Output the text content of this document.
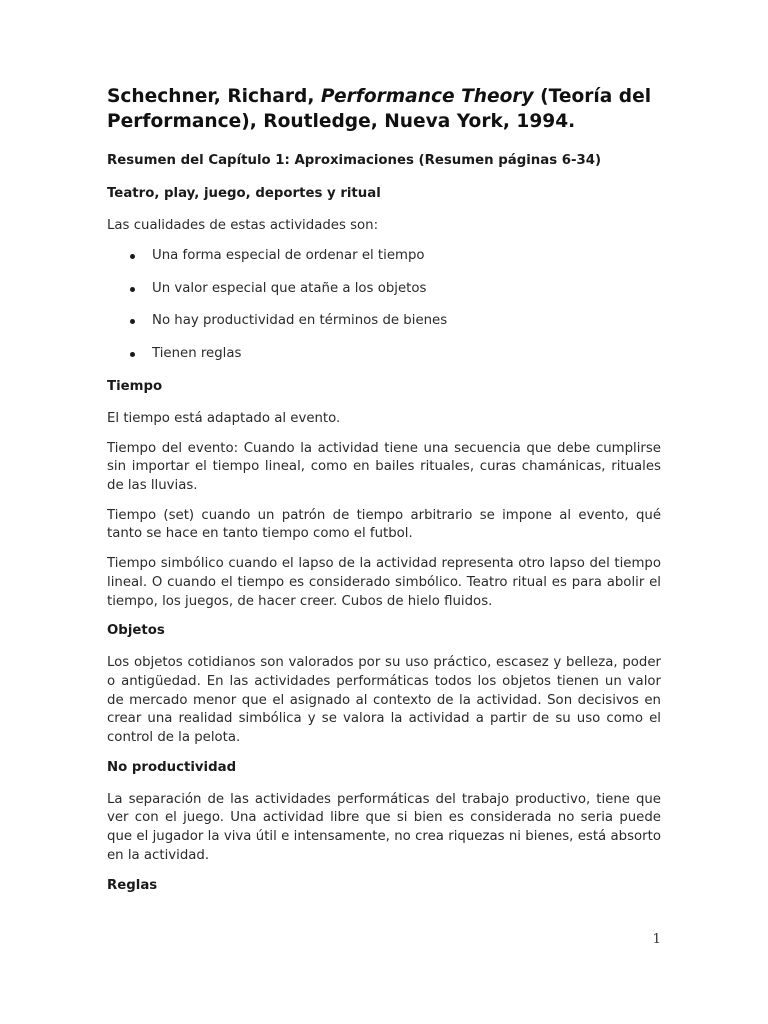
Schechner, Richard, Performance Theory (Teoría del Performance), Routledge, Nueva York, 1994.
Resumen del Capítulo 1: Aproximaciones (Resumen páginas 6-34)
Teatro, play, juego, deportes y ritual

Las cualidades de estas actividades son:

Una forma especial de ordenar el tiempo
Un valor especial que atañe a los objetos
No hay productividad en términos de bienes
Tienen reglas
Tiempo

El tiempo está adaptado al evento.

Tiempo del evento: Cuando la actividad tiene una secuencia que debe cumplirse sin importar el tiempo lineal, como en bailes rituales, curas chamánicas, rituales de las lluvias.

Tiempo (set) cuando un patrón de tiempo arbitrario se impone al evento, qué tanto se hace en tanto tiempo como el futbol.

Tiempo simbólico cuando el lapso de la actividad representa otro lapso del tiempo lineal. O cuando el tiempo es considerado simbólico. Teatro ritual es para abolir el tiempo, los juegos, de hacer creer. Cubos de hielo fluidos.

Objetos

Los objetos cotidianos son valorados por su uso práctico, escasez y belleza, poder o antigüedad. En las actividades performáticas todos los objetos tienen un valor de mercado menor que el asignado al contexto de la actividad. Son decisivos en crear una realidad simbólica y se valora la actividad a partir de su uso como el control de la pelota.

No productividad

La separación de las actividades performáticas del trabajo productivo, tiene que ver con el juego. Una actividad libre que si bien es considerada no seria puede que el jugador la viva útil e intensamente, no crea riquezas ni bienes, está absorto en la actividad.

Reglas
1
